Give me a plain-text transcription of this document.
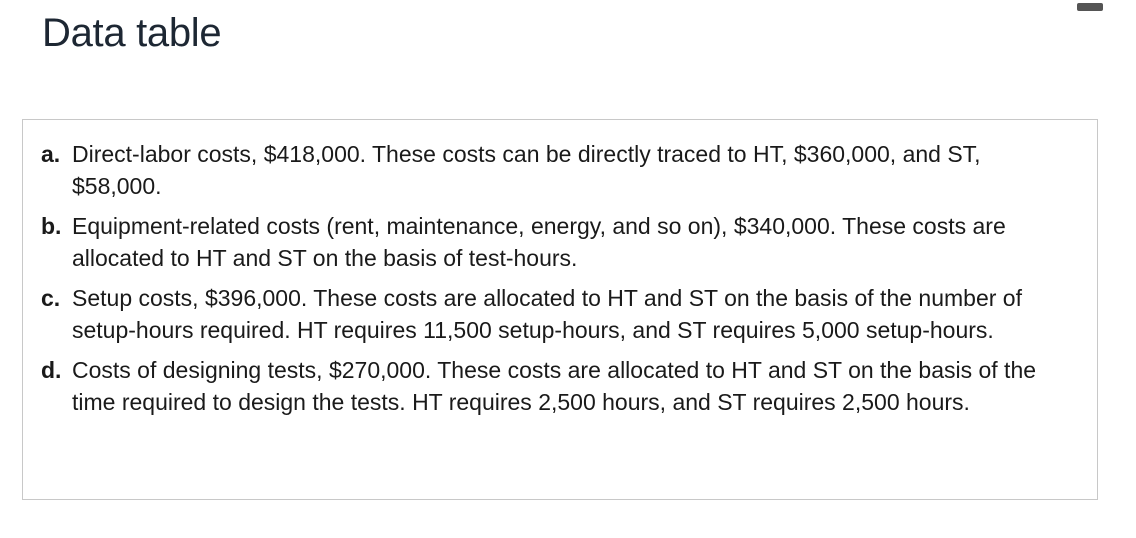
Data table
a. Direct-labor costs, $418,000. These costs can be directly traced to HT, $360,000, and ST, $58,000.
b. Equipment-related costs (rent, maintenance, energy, and so on), $340,000. These costs are allocated to HT and ST on the basis of test-hours.
c. Setup costs, $396,000. These costs are allocated to HT and ST on the basis of the number of setup-hours required. HT requires 11,500 setup-hours, and ST requires 5,000 setup-hours.
d. Costs of designing tests, $270,000. These costs are allocated to HT and ST on the basis of the time required to design the tests. HT requires 2,500 hours, and ST requires 2,500 hours.
